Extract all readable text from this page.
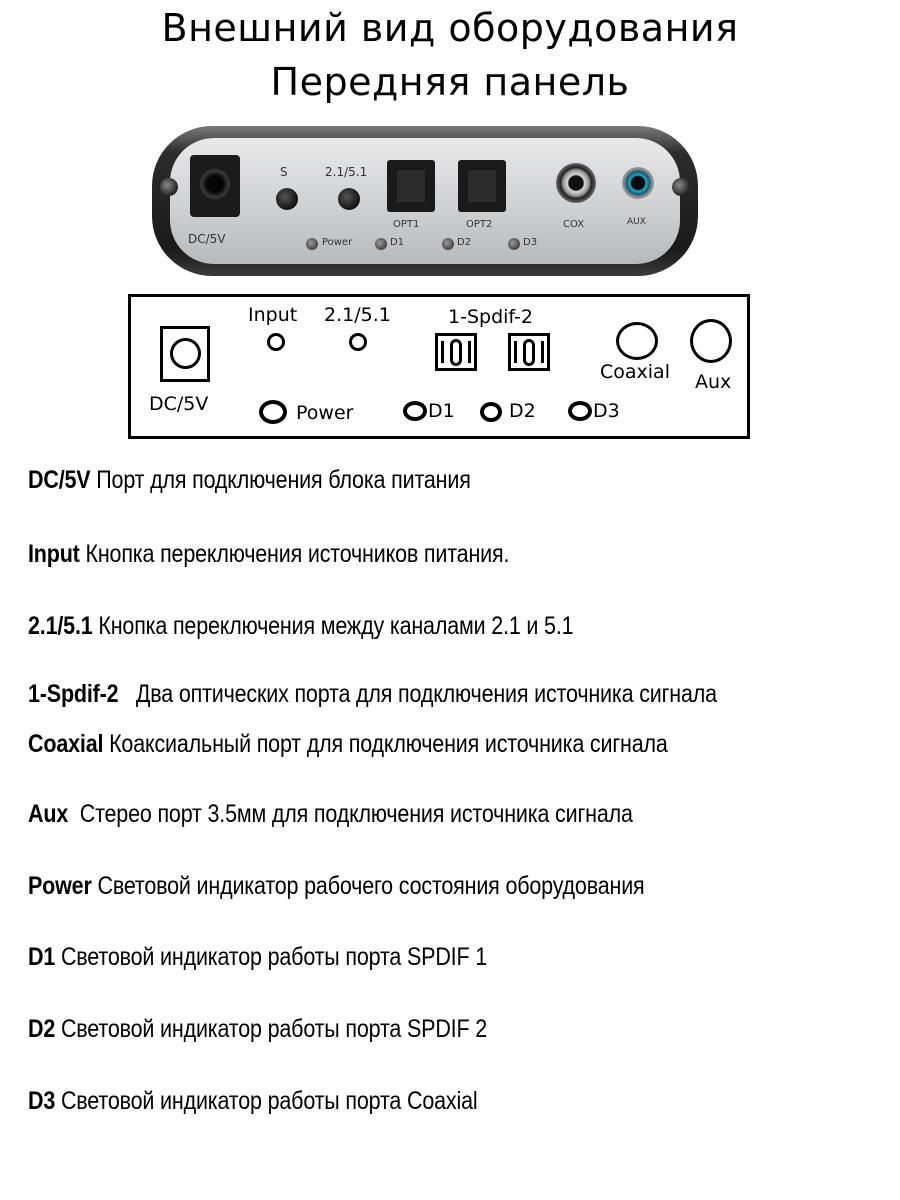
Внешний вид оборудования
Передняя панель
DC/5V
S	2.1/5.1
OPT1	OPT2	COX	AUX
Power	D1	D2	D3
DC/5V
Input 2.1/5.1	1-Spdif-2
Coaxial Aux
Power	D1	D2	D3
DC/5V Порт для подключения блока питания
Input Кнопка переключения источников питания.
2.1/5.1 Кнопка переключения между каналами 2.1 и 5.1
1-Spdif-2 Два оптических порта для подключения источника сигнала
Coaxial Коаксиальный порт для подключения источника сигнала
Aux Стерео порт 3.5мм для подключения источника сигнала
Power Световой индикатор рабочего состояния оборудования
D1 Световой индикатор работы порта SPDIF 1
D2 Световой индикатор работы порта SPDIF 2
D3 Световой индикатор работы порта Coaxial
